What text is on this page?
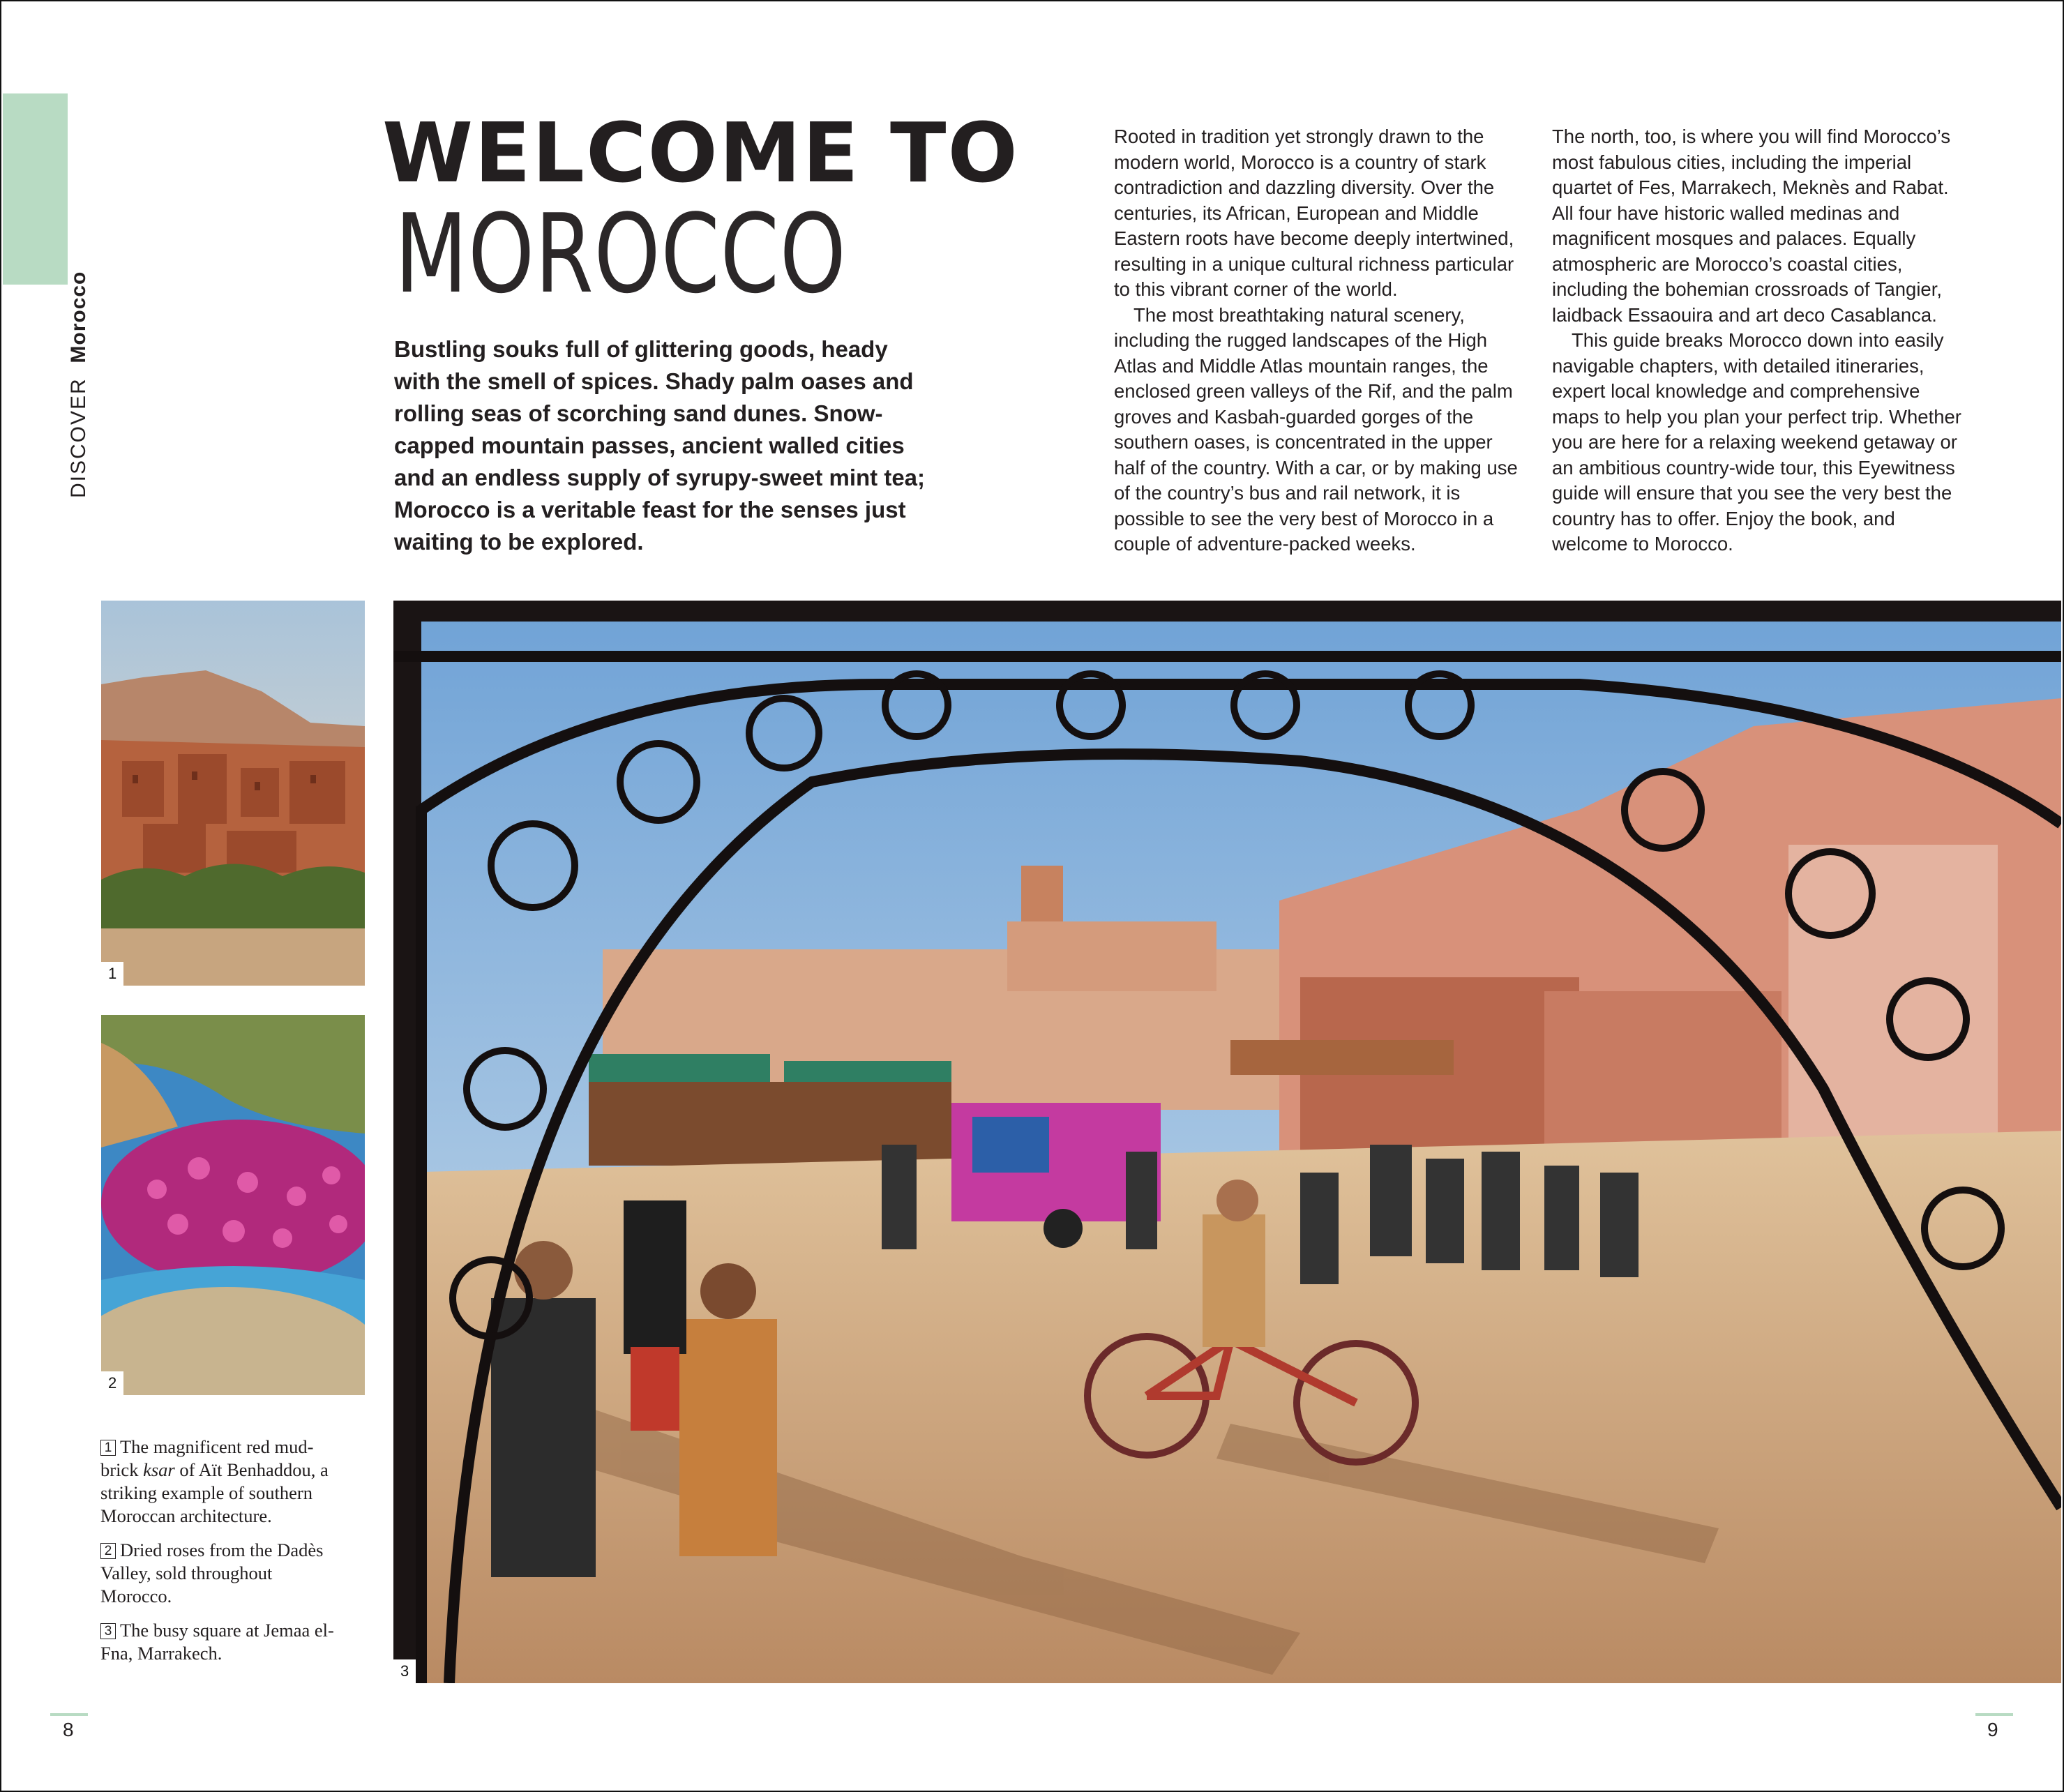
DISCOVER  Morocco
WELCOME TO
MOROCCO
Bustling souks full of glittering goods, heady with the smell of spices. Shady palm oases and rolling seas of scorching sand dunes. Snow-capped mountain passes, ancient walled cities and an endless supply of syrupy-sweet mint tea; Morocco is a veritable feast for the senses just waiting to be explored.

Rooted in tradition yet strongly drawn to the modern world, Morocco is a country of stark contradiction and dazzling diversity. Over the centuries, its African, European and Middle Eastern roots have become deeply intertwined, resulting in a unique cultural richness particular to this vibrant corner of the world.

The most breathtaking natural scenery, including the rugged landscapes of the High Atlas and Middle Atlas mountain ranges, the enclosed green valleys of the Rif, and the palm groves and Kasbah-guarded gorges of the southern oases, is concentrated in the upper half of the country. With a car, or by making use of the country’s bus and rail network, it is possible to see the very best of Morocco in a couple of adventure-packed weeks.

The north, too, is where you will find Morocco’s most fabulous cities, including the imperial quartet of Fes, Marrakech, Meknès and Rabat. All four have historic walled medinas and magnificent mosques and palaces. Equally atmospheric are Morocco’s coastal cities, including the bohemian crossroads of Tangier, laidback Essaouira and art deco Casablanca.

This guide breaks Morocco down into easily navigable chapters, with detailed itineraries, expert local knowledge and comprehensive maps to help you plan your perfect trip. Whether you are here for a relaxing weekend getaway or an ambitious country-wide tour, this Eyewitness guide will ensure that you see the very best the country has to offer. Enjoy the book, and welcome to Morocco.

1
2
3
1 The magnificent red mud-brick ksar of Aït Benhaddou, a striking example of southern Moroccan architecture.
2 Dried roses from the Dadès Valley, sold throughout Morocco.
3 The busy square at Jemaa el-Fna, Marrakech.
8	9
